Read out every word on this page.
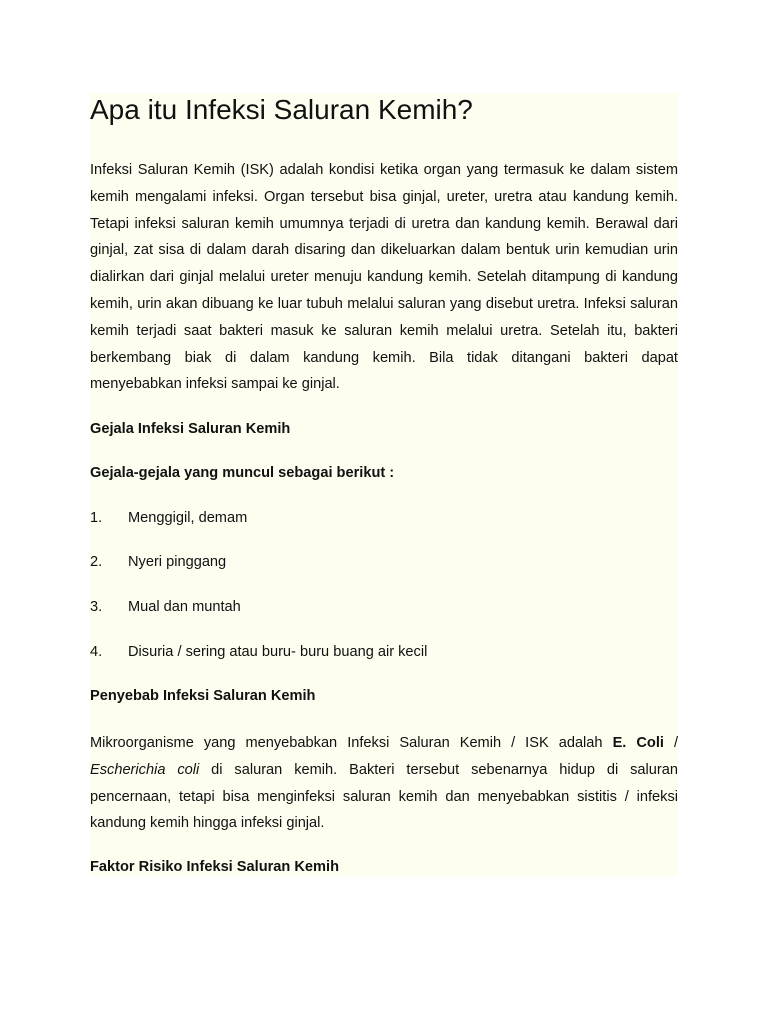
Apa itu Infeksi Saluran Kemih?

Infeksi Saluran Kemih (ISK) adalah kondisi ketika organ yang termasuk ke dalam sistem kemih mengalami infeksi. Organ tersebut bisa ginjal, ureter, uretra atau kandung kemih. Tetapi infeksi saluran kemih umumnya terjadi di uretra dan kandung kemih. Berawal dari ginjal, zat sisa di dalam darah disaring dan dikeluarkan dalam bentuk urin kemudian urin dialirkan dari ginjal melalui ureter menuju kandung kemih. Setelah ditampung di kandung kemih, urin akan dibuang ke luar tubuh melalui saluran yang disebut uretra. Infeksi saluran kemih terjadi saat bakteri masuk ke saluran kemih melalui uretra. Setelah itu, bakteri berkembang biak di dalam kandung kemih. Bila tidak ditangani bakteri dapat menyebabkan infeksi sampai ke ginjal.

Gejala Infeksi Saluran Kemih

Gejala-gejala yang muncul sebagai berikut :

1. Menggigil, demam
2. Nyeri pinggang
3. Mual dan muntah
4. Disuria / sering atau buru- buru buang air kecil

Penyebab Infeksi Saluran Kemih

Mikroorganisme yang menyebabkan Infeksi Saluran Kemih / ISK adalah E. Coli / Escherichia coli di saluran kemih. Bakteri tersebut sebenarnya hidup di saluran pencernaan, tetapi bisa menginfeksi saluran kemih dan menyebabkan sistitis / infeksi kandung kemih hingga infeksi ginjal.

Faktor Risiko Infeksi Saluran Kemih
